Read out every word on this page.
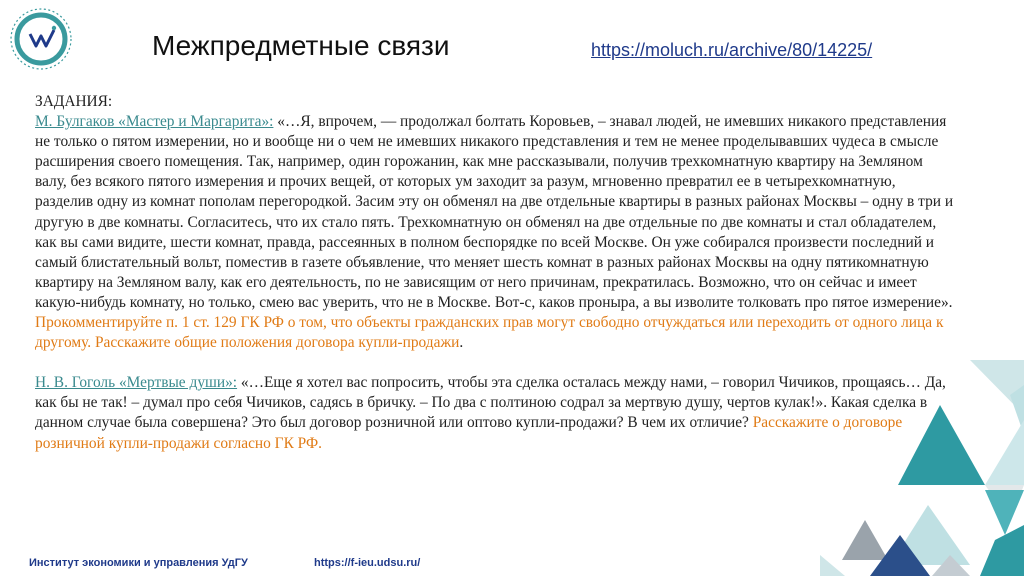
Межпредметные связи	https://moluch.ru/archive/80/14225/

ЗАДАНИЯ:

М. Булгаков «Мастер и Маргарита»: «…Я, впрочем, — продолжал болтать Коровьев, – знавал людей, не имевших никакого представления не только о пятом измерении, но и вообще ни о чем не имевших никакого представления и тем не менее проделывавших чудеса в смысле расширения своего помещения. Так, например, один горожанин, как мне рассказывали, получив трехкомнатную квартиру на Земляном валу, без всякого пятого измерения и прочих вещей, от которых ум заходит за разум, мгновенно превратил ее в четырехкомнатную, разделив одну из комнат пополам перегородкой. Засим эту он обменял на две отдельные квартиры в разных районах Москвы – одну в три и другую в две комнаты. Согласитесь, что их стало пять. Трехкомнатную он обменял на две отдельные по две комнаты и стал обладателем, как вы сами видите, шести комнат, правда, рассеянных в полном беспорядке по всей Москве. Он уже собирался произвести последний и самый блистательный вольт, поместив в газете объявление, что меняет шесть комнат в разных районах Москвы на одну пятикомнатную квартиру на Земляном валу, как его деятельность, по не зависящим от него причинам, прекратилась. Возможно, что он сейчас и имеет какую-нибудь комнату, но только, смею вас уверить, что не в Москве. Вот-с, каков проныра, а вы изволите толковать про пятое измерение».

Прокомментируйте п. 1 ст. 129 ГК РФ о том, что объекты гражданских прав могут свободно отчуждаться или переходить от одного лица к другому. Расскажите общие положения договора купли-продажи.

Н. В. Гоголь «Мертвые души»: «…Еще я хотел вас попросить, чтобы эта сделка осталась между нами, – говорил Чичиков, прощаясь… Да, как бы не так! – думал про себя Чичиков, садясь в бричку. – По два с полтиною содрал за мертвую душу, чертов кулак!». Какая сделка в данном случае была совершена? Это был договор розничной или оптово купли-продажи? В чем их отличие? Расскажите о договоре розничной купли-продажи согласно ГК РФ.

Институт экономики и управления УдГУ	https://f-ieu.udsu.ru/
